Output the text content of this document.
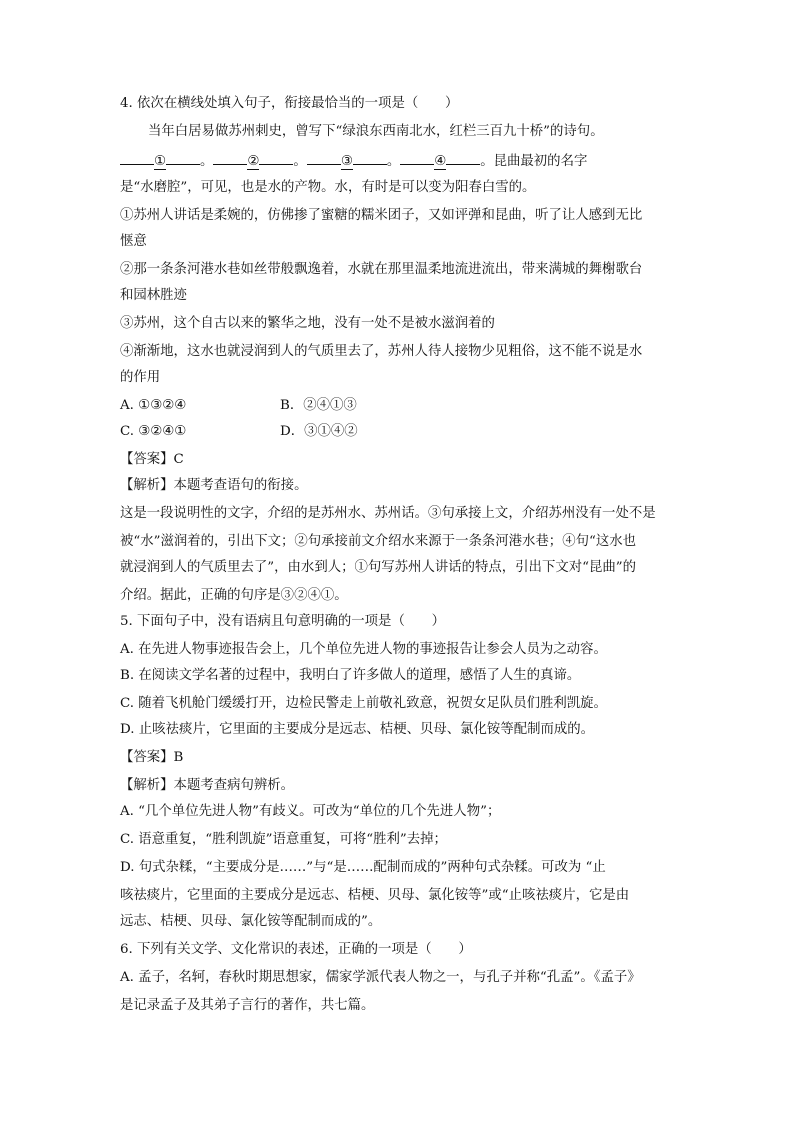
4. 依次在横线处填入句子，衔接最恰当的一项是（　　）
当年白居易做苏州刺史，曾写下“绿浪东西南北水，红栏三百九十桥”的诗句。
①	。	②	。	③	。	④	。昆曲最初的名字
是“水磨腔”，可见，也是水的产物。水，有时是可以变为阳春白雪的。
①苏州人讲话是柔婉的，仿佛掺了蜜糖的糯米团子，又如评弹和昆曲，听了让人感到无比
惬意
②那一条条河港水巷如丝带般飘逸着，水就在那里温柔地流进流出，带来满城的舞榭歌台
和园林胜迹
③苏州，这个自古以来的繁华之地，没有一处不是被水滋润着的
④渐渐地，这水也就浸润到人的气质里去了，苏州人待人接物少见粗俗，这不能不说是水
的作用
A. ①③②④	B．②④①③
C. ③②④①	D．③①④②
【答案】C
【解析】本题考查语句的衔接。
这是一段说明性的文字，介绍的是苏州水、苏州话。③句承接上文，介绍苏州没有一处不是
被“水”滋润着的，引出下文；②句承接前文介绍水来源于一条条河港水巷；④句“这水也
就浸润到人的气质里去了”，由水到人；①句写苏州人讲话的特点，引出下文对“昆曲”的
介绍。据此，正确的句序是③②④①。
5. 下面句子中，没有语病且句意明确的一项是（　　）
A. 在先进人物事迹报告会上，几个单位先进人物的事迹报告让参会人员为之动容。
B. 在阅读文学名著的过程中，我明白了许多做人的道理，感悟了人生的真谛。
C. 随着飞机舱门缓缓打开，边检民警走上前敬礼致意，祝贺女足队员们胜利凯旋。
D. 止咳祛痰片，它里面的主要成分是远志、桔梗、贝母、氯化铵等配制而成的。
【答案】B
【解析】本题考查病句辨析。
A. “几个单位先进人物”有歧义。可改为“单位的几个先进人物”；
C. 语意重复，“胜利凯旋”语意重复，可将“胜利”去掉；
D. 句式杂糅，“主要成分是……”与“是……配制而成的”两种句式杂糅。可改为 “止
咳祛痰片，它里面的主要成分是远志、桔梗、贝母、氯化铵等”或“止咳祛痰片，它是由
远志、桔梗、贝母、氯化铵等配制而成的”。
6. 下列有关文学、文化常识的表述，正确的一项是（　　）
A. 孟子，名轲，春秋时期思想家，儒家学派代表人物之一，与孔子并称“孔孟”。《孟子》
是记录孟子及其弟子言行的著作，共七篇。
